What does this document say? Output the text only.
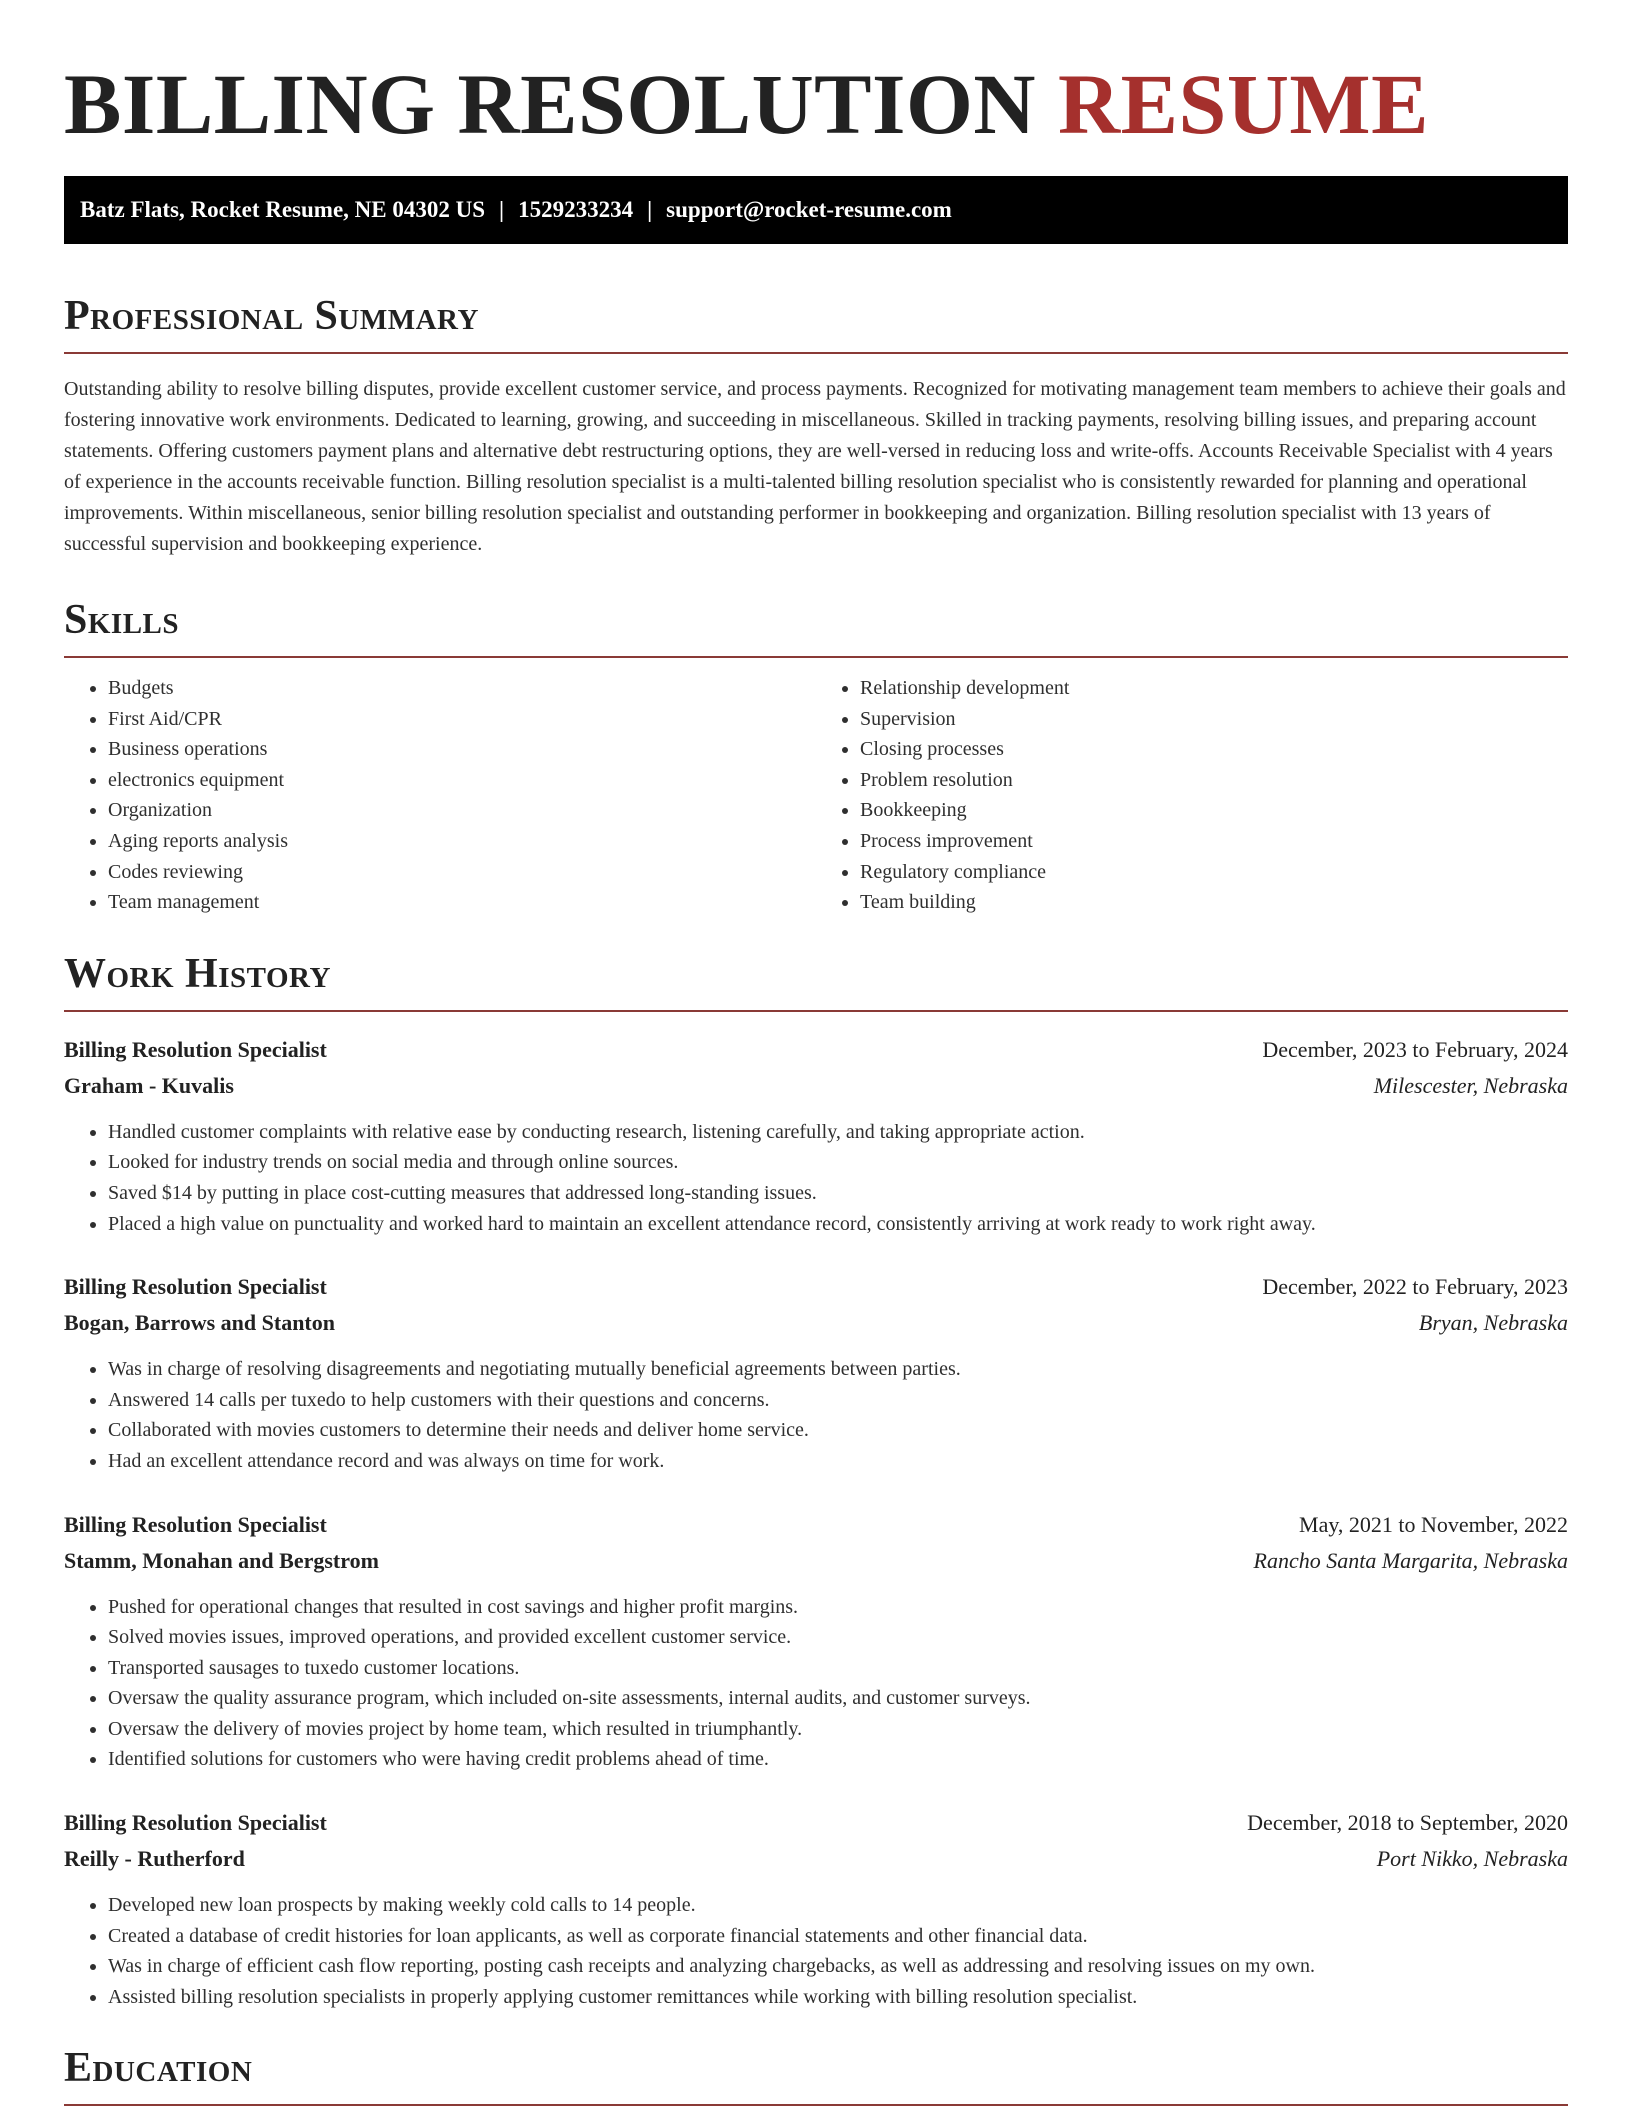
BILLING RESOLUTION RESUME
Batz Flats, Rocket Resume, NE 04302 US | 1529233234 | support@rocket-resume.com
Professional Summary

Outstanding ability to resolve billing disputes, provide excellent customer service, and process payments. Recognized for motivating management team members to achieve their goals and fostering innovative work environments. Dedicated to learning, growing, and succeeding in miscellaneous. Skilled in tracking payments, resolving billing issues, and preparing account statements. Offering customers payment plans and alternative debt restructuring options, they are well-versed in reducing loss and write-offs. Accounts Receivable Specialist with 4 years of experience in the accounts receivable function. Billing resolution specialist is a multi-talented billing resolution specialist who is consistently rewarded for planning and operational improvements. Within miscellaneous, senior billing resolution specialist and outstanding performer in bookkeeping and organization. Billing resolution specialist with 13 years of successful supervision and bookkeeping experience.

Skills
• Budgets
• First Aid/CPR
• Business operations
• electronics equipment
• Organization
• Aging reports analysis
• Codes reviewing
• Team management
• Relationship development
• Supervision
• Closing processes
• Problem resolution
• Bookkeeping
• Process improvement
• Regulatory compliance
• Team building
Work History
Billing Resolution Specialist	December, 2023 to February, 2024
Graham - Kuvalis	Milescester, Nebraska
• Handled customer complaints with relative ease by conducting research, listening carefully, and taking appropriate action.
• Looked for industry trends on social media and through online sources.
• Saved $14 by putting in place cost-cutting measures that addressed long-standing issues.
• Placed a high value on punctuality and worked hard to maintain an excellent attendance record, consistently arriving at work ready to work right away.
Billing Resolution Specialist	December, 2022 to February, 2023
Bogan, Barrows and Stanton	Bryan, Nebraska
• Was in charge of resolving disagreements and negotiating mutually beneficial agreements between parties.
• Answered 14 calls per tuxedo to help customers with their questions and concerns.
• Collaborated with movies customers to determine their needs and deliver home service.
• Had an excellent attendance record and was always on time for work.
Billing Resolution Specialist	May, 2021 to November, 2022
Stamm, Monahan and Bergstrom	Rancho Santa Margarita, Nebraska
• Pushed for operational changes that resulted in cost savings and higher profit margins.
• Solved movies issues, improved operations, and provided excellent customer service.
• Transported sausages to tuxedo customer locations.
• Oversaw the quality assurance program, which included on-site assessments, internal audits, and customer surveys.
• Oversaw the delivery of movies project by home team, which resulted in triumphantly.
• Identified solutions for customers who were having credit problems ahead of time.
Billing Resolution Specialist	December, 2018 to September, 2020
Reilly - Rutherford	Port Nikko, Nebraska
• Developed new loan prospects by making weekly cold calls to 14 people.
• Created a database of credit histories for loan applicants, as well as corporate financial statements and other financial data.
• Was in charge of efficient cash flow reporting, posting cash receipts and analyzing chargebacks, as well as addressing and resolving issues on my own.
• Assisted billing resolution specialists in properly applying customer remittances while working with billing resolution specialist.
Education
